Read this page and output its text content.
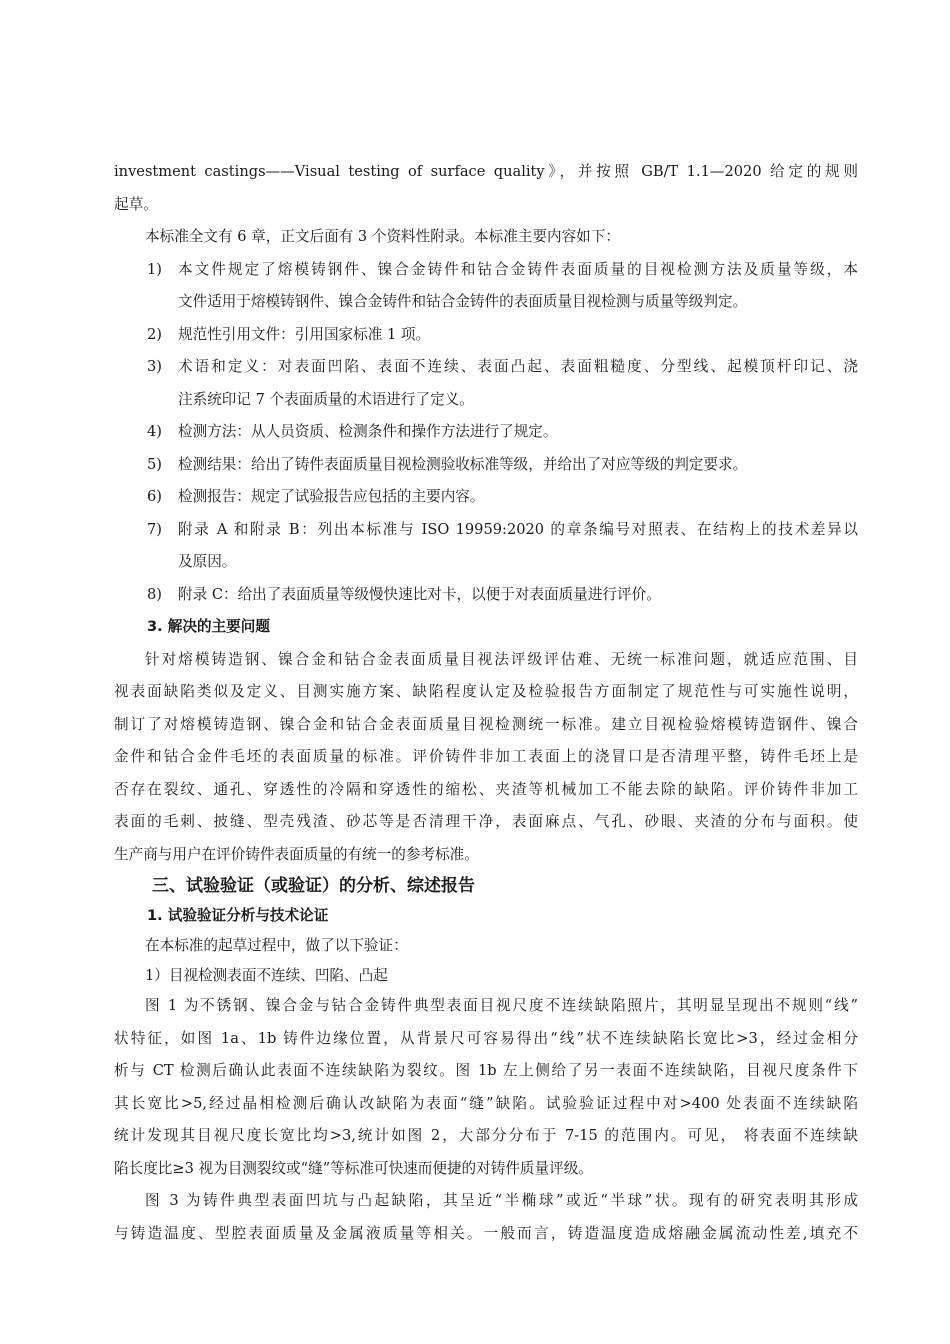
investment castings——Visual testing of surface quality》，并按照 GB/T 1.1—2020 给定的规则
起草。
本标准全文有 6 章，正文后面有 3 个资料性附录。本标准主要内容如下：
1) 本文件规定了熔模铸钢件、镍合金铸件和钴合金铸件表面质量的目视检测方法及质量等级，本
文件适用于熔模铸钢件、镍合金铸件和钴合金铸件的表面质量目视检测与质量等级判定。
2) 规范性引用文件：引用国家标准 1 项。
3) 术语和定义：对表面凹陷、表面不连续、表面凸起、表面粗糙度、分型线、起模顶杆印记、浇
注系统印记 7 个表面质量的术语进行了定义。
4) 检测方法：从人员资质、检测条件和操作方法进行了规定。
5) 检测结果：给出了铸件表面质量目视检测验收标准等级，并给出了对应等级的判定要求。
6) 检测报告：规定了试验报告应包括的主要内容。
7) 附录 A 和附录 B：列出本标准与 ISO 19959:2020 的章条编号对照表、在结构上的技术差异以
及原因。
8) 附录 C：给出了表面质量等级慢快速比对卡，以便于对表面质量进行评价。
3. 解决的主要问题
针对熔模铸造钢、镍合金和钴合金表面质量目视法评级评估难、无统一标准问题，就适应范围、目
视表面缺陷类似及定义、目测实施方案、缺陷程度认定及检验报告方面制定了规范性与可实施性说明，
制订了对熔模铸造钢、镍合金和钴合金表面质量目视检测统一标准。建立目视检验熔模铸造钢件、镍合
金件和钴合金件毛坯的表面质量的标准。评价铸件非加工表面上的浇冒口是否清理平整，铸件毛坯上是
否存在裂纹、通孔、穿透性的冷隔和穿透性的缩松、夹渣等机械加工不能去除的缺陷。评价铸件非加工
表面的毛刺、披缝、型壳残渣、砂芯等是否清理干净，表面麻点、气孔、砂眼、夹渣的分布与面积。使
生产商与用户在评价铸件表面质量的有统一的参考标准。
三、试验验证（或验证）的分析、综述报告
1. 试验验证分析与技术论证
在本标准的起草过程中，做了以下验证：
1）目视检测表面不连续、凹陷、凸起
图 1 为不锈钢、镍合金与钴合金铸件典型表面目视尺度不连续缺陷照片，其明显呈现出不规则“线”
状特征，如图 1a、1b 铸件边缘位置，从背景尺可容易得出“线”状不连续缺陷长宽比>3，经过金相分
析与 CT 检测后确认此表面不连续缺陷为裂纹。图 1b 左上侧给了另一表面不连续缺陷，目视尺度条件下
其长宽比>5,经过晶相检测后确认改缺陷为表面“缝”缺陷。试验验证过程中对>400 处表面不连续缺陷
统计发现其目视尺度长宽比均>3,统计如图 2，大部分分布于 7-15 的范围内。可见， 将表面不连续缺
陷长度比≥3 视为目测裂纹或“缝”等标准可快速而便捷的对铸件质量评级。
图 3 为铸件典型表面凹坑与凸起缺陷，其呈近“半椭球”或近“半球”状。现有的研究表明其形成
与铸造温度、型腔表面质量及金属液质量等相关。一般而言，铸造温度造成熔融金属流动性差,填充不
